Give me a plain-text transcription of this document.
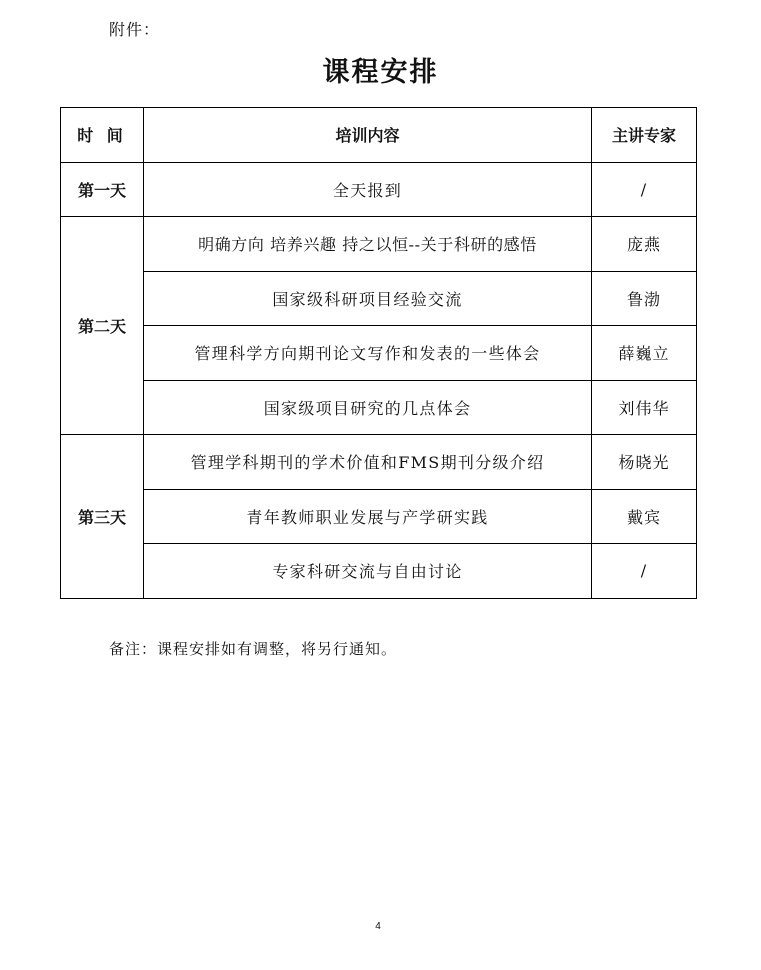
附件：
课程安排
时 间	培训内容	主讲专家
第一天	全天报到	/
第二天	明确方向 培养兴趣 持之以恒--关于科研的感悟	庞燕
	国家级科研项目经验交流	鲁渤
	管理科学方向期刊论文写作和发表的一些体会	薛巍立
	国家级项目研究的几点体会	刘伟华
第三天	管理学科期刊的学术价值和FMS期刊分级介绍	杨晓光
	青年教师职业发展与产学研实践	戴宾
	专家科研交流与自由讨论	/
备注：课程安排如有调整，将另行通知。
4
